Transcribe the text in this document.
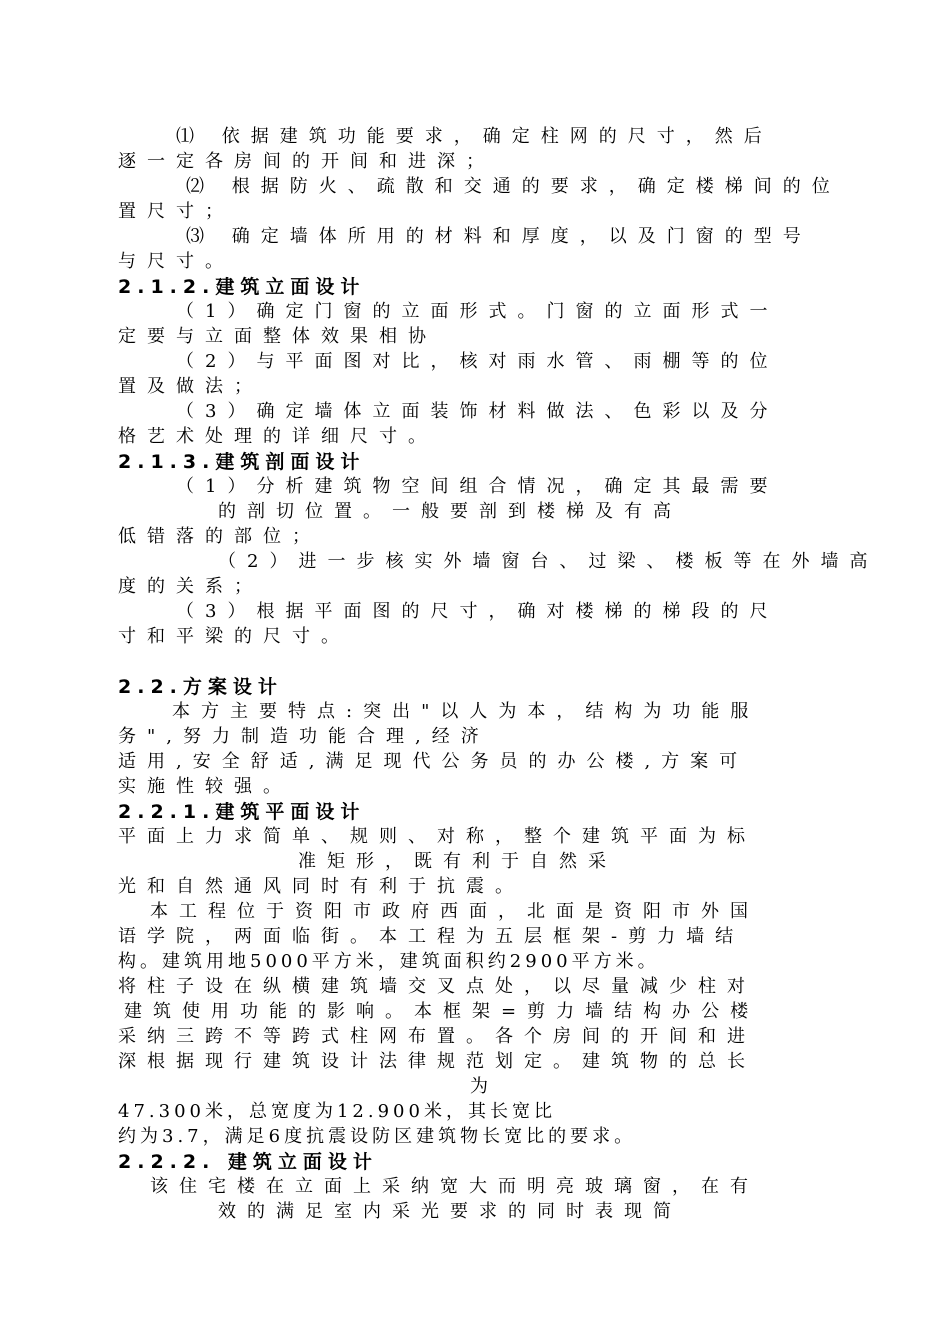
⑴ 依据建筑功能要求，确定柱网的尺寸，然后
逐一定各房间的开间和进深；
⑵ 根据防火、疏散和交通的要求，确定楼梯间的位
置尺寸；
⑶ 确定墙体所用的材料和厚度，以及门窗的型号
与尺寸。
2.1.2.建筑立面设计
（1）确定门窗的立面形式。门窗的立面形式一
定要与立面整体效果相协
（2）与平面图对比，核对雨水管、雨棚等的位
置及做法；
（3）确定墙体立面装饰材料做法、色彩以及分
格艺术处理的详细尺寸。
2.1.3.建筑剖面设计
（1）分析建筑物空间组合情况，确定其最需要
的剖切位置。一般要剖到楼梯及有高
低错落的部位；
（2）进一步核实外墙窗台、过梁、楼板等在外墙高
度的关系；
（3）根据平面图的尺寸，确对楼梯的梯段的尺
寸和平梁的尺寸。
2.2.方案设计
本方主要特点:突出"以人为本，结构为功能服
务",努力制造功能合理,经济
适用,安全舒适,满足现代公务员的办公楼,方案可
实施性较强。
2.2.1.建筑平面设计
平面上力求简单、规则、对称，整个建筑平面为标
准矩形，既有利于自然采
光和自然通风同时有利于抗震。
本工程位于资阳市政府西面，北面是资阳市外国
语学院，两面临街。本工程为五层框架-剪力墙结
构。建筑用地5000平方米，建筑面积约2900平方米。
将柱子设在纵横建筑墙交叉点处，以尽量减少柱对
建筑使用功能的影响。本框架=剪力墙结构办公楼
采纳三跨不等跨式柱网布置。各个房间的开间和进
深根据现行建筑设计法律规范划定。建筑物的总长
为
47.300米，总宽度为12.900米，其长宽比
约为3.7，满足6度抗震设防区建筑物长宽比的要求。
2.2.2. 建筑立面设计
该住宅楼在立面上采纳宽大而明亮玻璃窗，在有
效的满足室内采光要求的同时表现简
